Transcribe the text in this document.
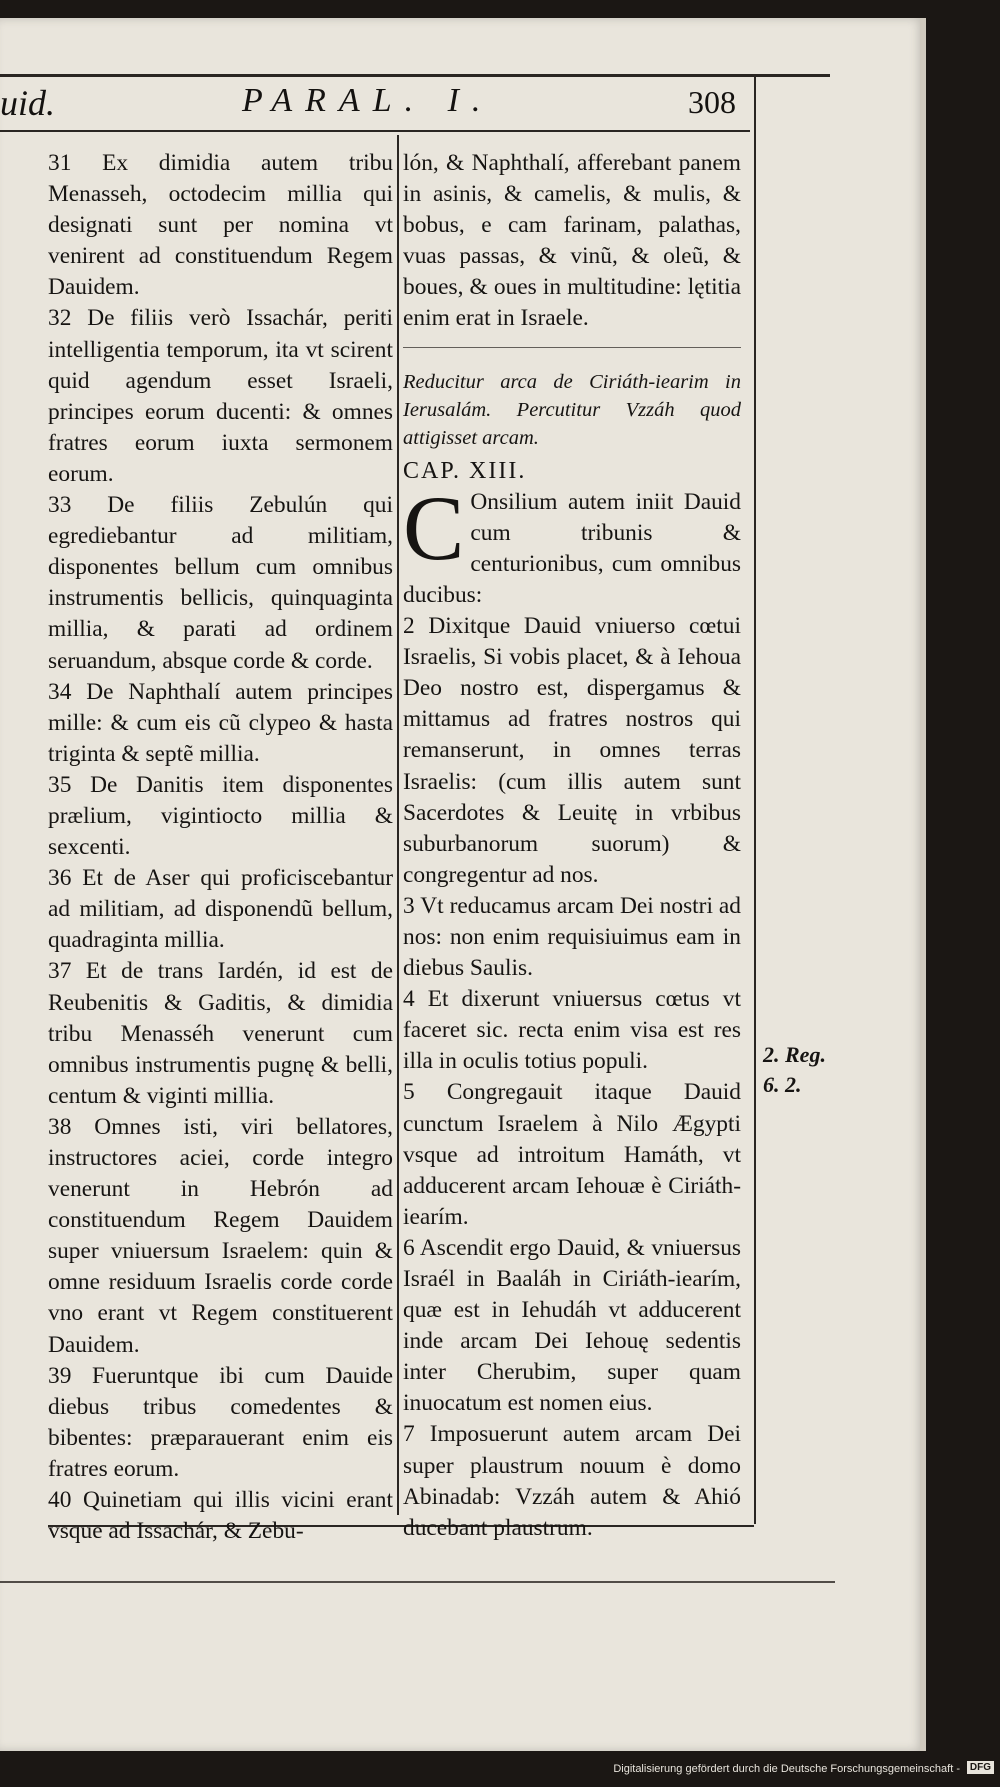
uid.	PARAL. I.	308

31 Ex dimidia autem tribu Menasseh, octodecim millia qui designati sunt per nomina vt venirent ad constituendum Regem Dauidem.

32 De filiis verò Issachár, periti intelligentia temporum, ita vt scirent quid agendum esset Israeli, principes eorum ducenti: & omnes fratres eorum iuxta sermonem eorum.

33 De filiis Zebulún qui egrediebantur ad militiam, disponentes bellum cum omnibus instrumentis bellicis, quinquaginta millia, & parati ad ordinem seruandum, absque corde & corde.

34 De Naphthalí autem principes mille: & cum eis cũ clypeo & hasta triginta & septẽ millia.

35 De Danitis item disponentes prælium, vigintiocto millia & sexcenti.

36 Et de Aser qui proficiscebantur ad militiam, ad disponendũ bellum, quadraginta millia.

37 Et de trans Iardén, id est de Reubenitis & Gaditis, & dimidia tribu Menasséh venerunt cum omnibus instrumentis pugnę & belli, centum & viginti millia.

38 Omnes isti, viri bellatores, instructores aciei, corde integro venerunt in Hebrón ad constituendum Regem Dauidem super vniuersum Israelem: quin & omne residuum Israelis corde corde vno erant vt Regem constituerent Dauidem.

39 Fueruntque ibi cum Dauide diebus tribus comedentes & bibentes: præparauerant enim eis fratres eorum.

40 Quinetiam qui illis vicini erant vsque ad Issachár, & Zebu-

lón, & Naphthalí, afferebant panem in asinis, & camelis, & mulis, & bobus, e cam farinam, palathas, vuas passas, & vinũ, & oleũ, & boues, & oues in multitudine: lętitia enim erat in Israele.

Reducitur arca de Ciriáth-iearim in Ierusalám. Percutitur Vzzáh quod attigisset arcam.

CAP. XIII.

C Onsilium autem iniit Dauid cum tribunis & centurionibus, cum omnibus ducibus:

2 Dixitque Dauid vniuerso cœtui Israelis, Si vobis placet, & à Iehoua Deo nostro est, dispergamus & mittamus ad fratres nostros qui remanserunt, in omnes terras Israelis: (cum illis autem sunt Sacerdotes & Leuitę in vrbibus suburbanorum suorum) & congregentur ad nos.

3 Vt reducamus arcam Dei nostri ad nos: non enim requisiuimus eam in diebus Saulis.

4 Et dixerunt vniuersus cœtus vt faceret sic. recta enim visa est res illa in oculis totius populi.

5 Congregauit itaque Dauid cunctum Israelem à Nilo Ægypti vsque ad introitum Hamáth, vt adducerent arcam Iehouæ è Ciriáth-iearím.

6 Ascendit ergo Dauid, & vniuersus Israél in Baaláh in Ciriáth-iearím, quæ est in Iehudáh vt adducerent inde arcam Dei Iehouę sedentis inter Cherubim, super quam inuocatum est nomen eius.

7 Imposuerunt autem arcam Dei super plaustrum nouum è domo Abinadab: Vzzáh autem & Ahió ducebant plaustrum.

2. Reg.
6. 2.
Digitalisierung gefördert durch die Deutsche Forschungsgemeinschaft - DFG
